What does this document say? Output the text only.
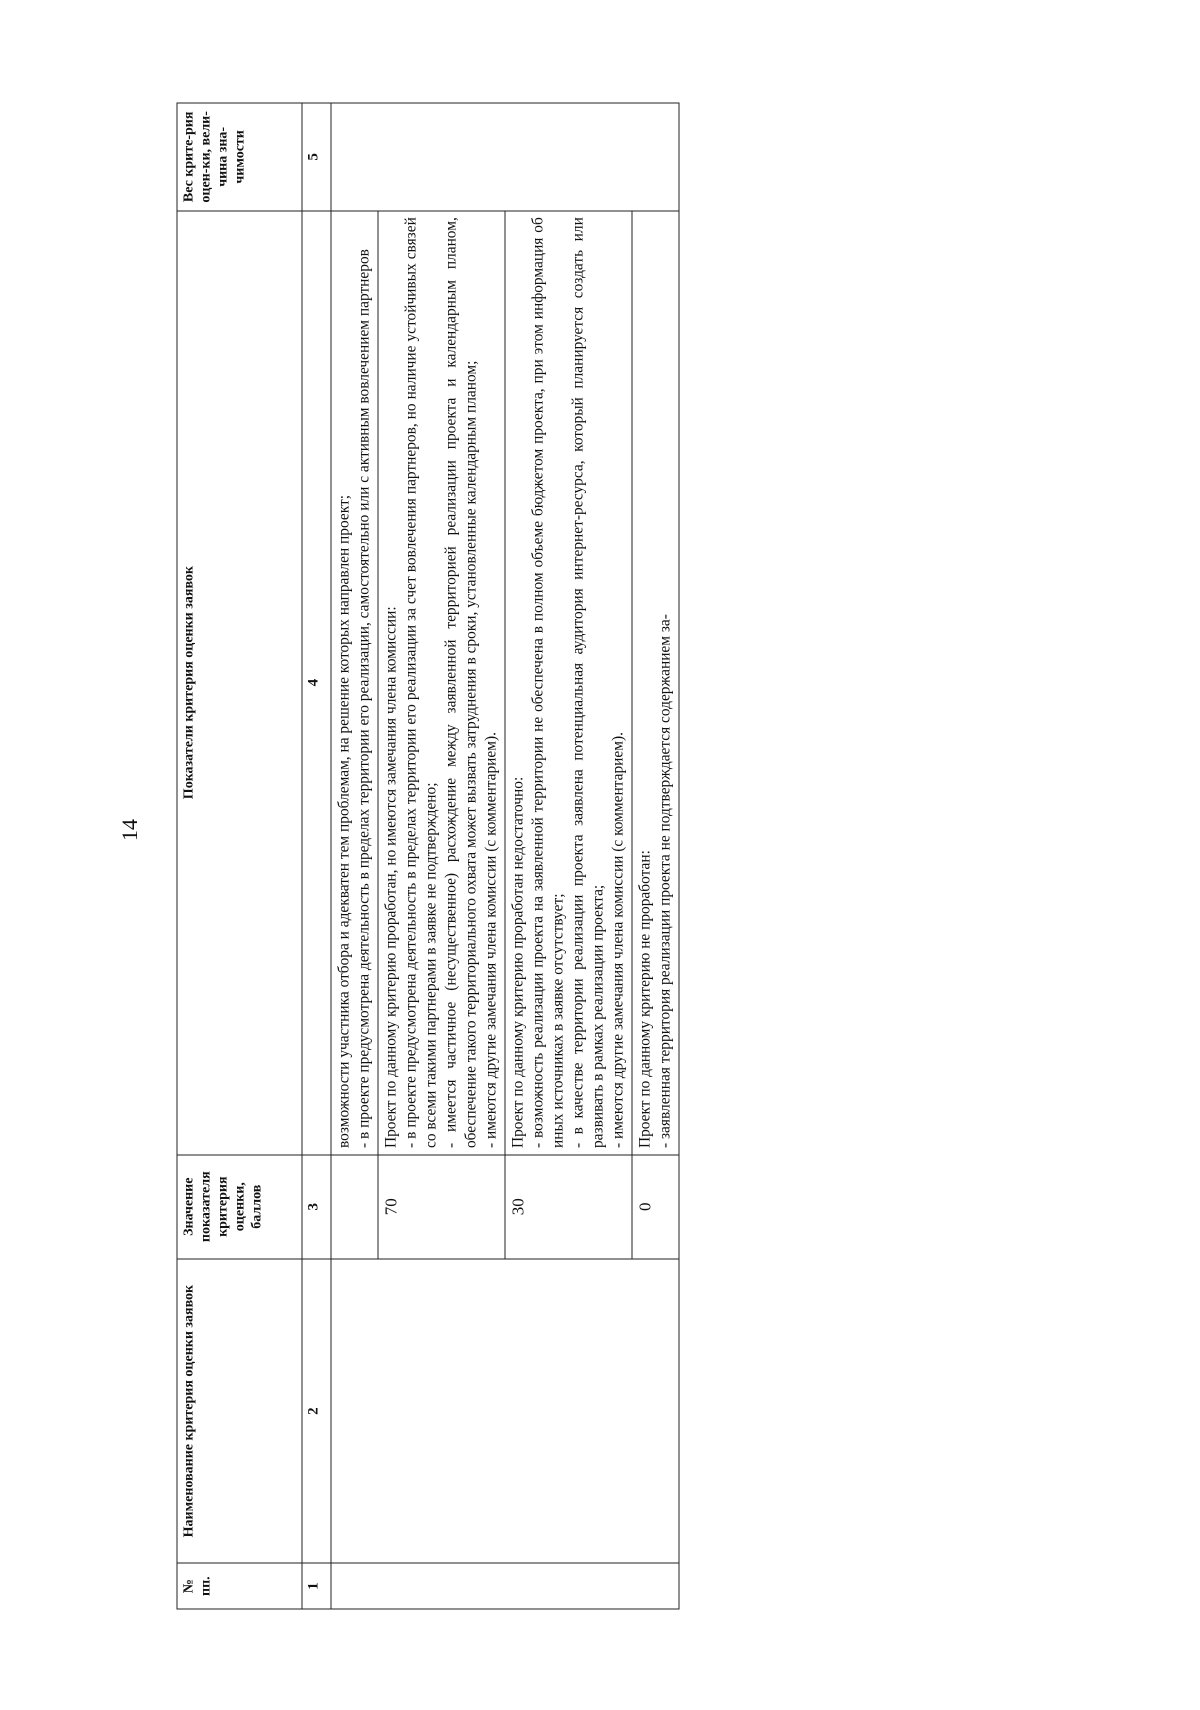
14
№ пп.	Наименование критерия оценки заявок	Значение показателя критерия оценки, баллов	Показатели критерия оценки заявок	Вес крите-рия оцен-ки, вели-чина зна-чимости
1	2	3	4	5

			возможности участника отбора и адекватен тем проблемам, на решение которых направлен проект; - в проекте предусмотрена деятельность в пределах территории его реализации, самостоятельно или с активным вовлечением партнеров	

		70	Проект по данному критерию проработан, но имеются замечания члена комиссии: - в проекте предусмотрена деятельность в пределах территории его реализации за счет вовлечения партнеров, но наличие устойчивых связей со всеми такими партнерами в заявке не подтверждено; - имеется частичное (несущественное) расхождение между заявленной территорией реализации проекта и календарным планом, обеспечение такого территориального охвата может вызвать затруднения в сроки, установленные календарным планом; - имеются другие замечания члена комиссии (с комментарием).	

		30	Проект по данному критерию проработан недостаточно: - возможность реализации проекта на заявленной территории не обеспечена в полном объеме бюджетом проекта, при этом информация об иных источниках в заявке отсутствует; - в качестве территории реализации проекта заявлена потенциальная аудитория интернет-ресурса, который планируется создать или развивать в рамках реализации проекта; - имеются другие замечания члена комиссии (с комментарием).	

		0	Проект по данному критерию не проработан: - заявленная территория реализации проекта не подтверждается содержанием за-	
